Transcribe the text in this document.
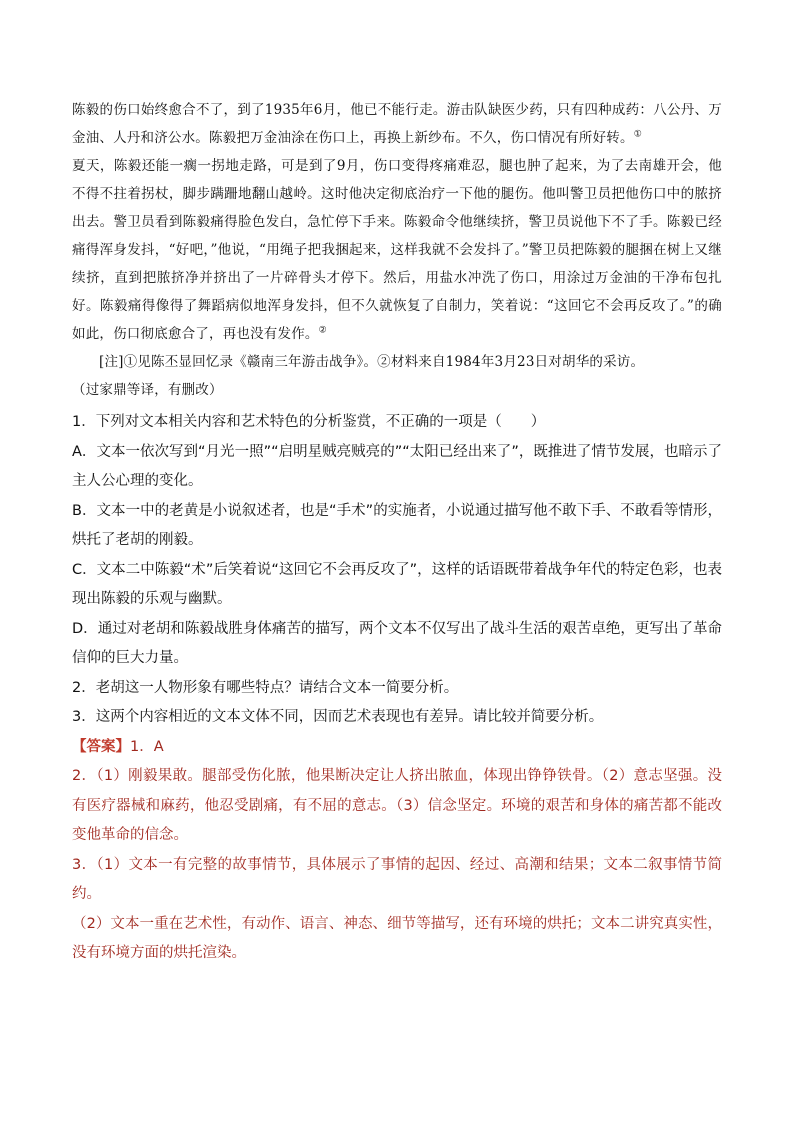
陈毅的伤口始终愈合不了，到了1935年6月，他已不能行走。游击队缺医少药，只有四种成药：八公丹、万金油、人丹和济公水。陈毅把万金油涂在伤口上，再换上新纱布。不久，伤口情况有所好转。①

夏天，陈毅还能一瘸一拐地走路，可是到了9月，伤口变得疼痛难忍，腿也肿了起来，为了去南雄开会，他不得不拄着拐杖，脚步蹒跚地翻山越岭。这时他决定彻底治疗一下他的腿伤。他叫警卫员把他伤口中的脓挤出去。警卫员看到陈毅痛得脸色发白，急忙停下手来。陈毅命令他继续挤，警卫员说他下不了手。陈毅已经痛得浑身发抖，“好吧，”他说，“用绳子把我捆起来，这样我就不会发抖了。”警卫员把陈毅的腿捆在树上又继续挤，直到把脓挤净并挤出了一片碎骨头才停下。然后，用盐水冲洗了伤口，用涂过万金油的干净布包扎好。陈毅痛得像得了舞蹈病似地浑身发抖，但不久就恢复了自制力，笑着说：“这回它不会再反攻了。”的确如此，伤口彻底愈合了，再也没有发作。②

[注]①见陈丕显回忆录《赣南三年游击战争》。②材料来自1984年3月23日对胡华的采访。

（过家鼎等译，有删改）

1．下列对文本相关内容和艺术特色的分析鉴赏，不正确的一项是（　　）

A．文本一依次写到“月光一照”“启明星贼亮贼亮的”“太阳已经出来了”，既推进了情节发展，也暗示了主人公心理的变化。

B．文本一中的老黄是小说叙述者，也是“手术”的实施者，小说通过描写他不敢下手、不敢看等情形，烘托了老胡的刚毅。

C．文本二中陈毅“术”后笑着说“这回它不会再反攻了”，这样的话语既带着战争年代的特定色彩，也表现出陈毅的乐观与幽默。

D．通过对老胡和陈毅战胜身体痛苦的描写，两个文本不仅写出了战斗生活的艰苦卓绝，更写出了革命信仰的巨大力量。

2．老胡这一人物形象有哪些特点？请结合文本一简要分析。

3．这两个内容相近的文本文体不同，因而艺术表现也有差异。请比较并简要分析。

【答案】1．A

2．（1）刚毅果敢。腿部受伤化脓，他果断决定让人挤出脓血，体现出铮铮铁骨。（2）意志坚强。没有医疗器械和麻药，他忍受剧痛，有不屈的意志。（3）信念坚定。环境的艰苦和身体的痛苦都不能改变他革命的信念。

3．（1）文本一有完整的故事情节，具体展示了事情的起因、经过、高潮和结果；文本二叙事情节简约。

（2）文本一重在艺术性，有动作、语言、神态、细节等描写，还有环境的烘托；文本二讲究真实性，没有环境方面的烘托渲染。
